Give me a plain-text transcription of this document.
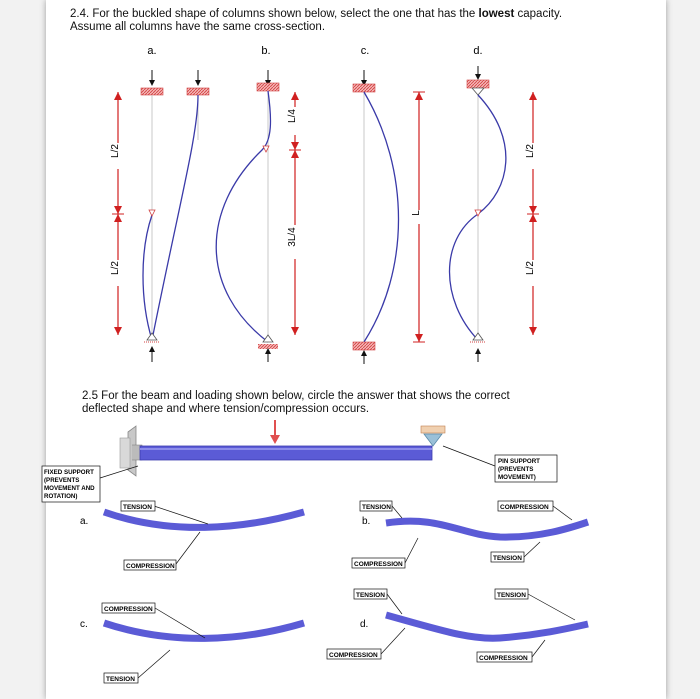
2.4. For the buckled shape of columns shown below, select the one that has the lowest capacity.
Assume all columns have the same cross-section.
2.5 For the beam and loading shown below, circle the answer that shows the correct
deflected shape and where tension/compression occurs.
a.	b.	c.	d.
L/2
L/2
L/4
3L/4
L
L/2
L/2
FIXED SUPPORT
(PREVENTS
MOVEMENT AND
ROTATION)
PIN SUPPORT
(PREVENTS
MOVEMENT)
a.
TENSION
COMPRESSION
b.
TENSION	COMPRESSION
COMPRESSION
TENSION
c.
COMPRESSION
TENSION
d.
TENSION	TENSION
COMPRESSION	COMPRESSION
